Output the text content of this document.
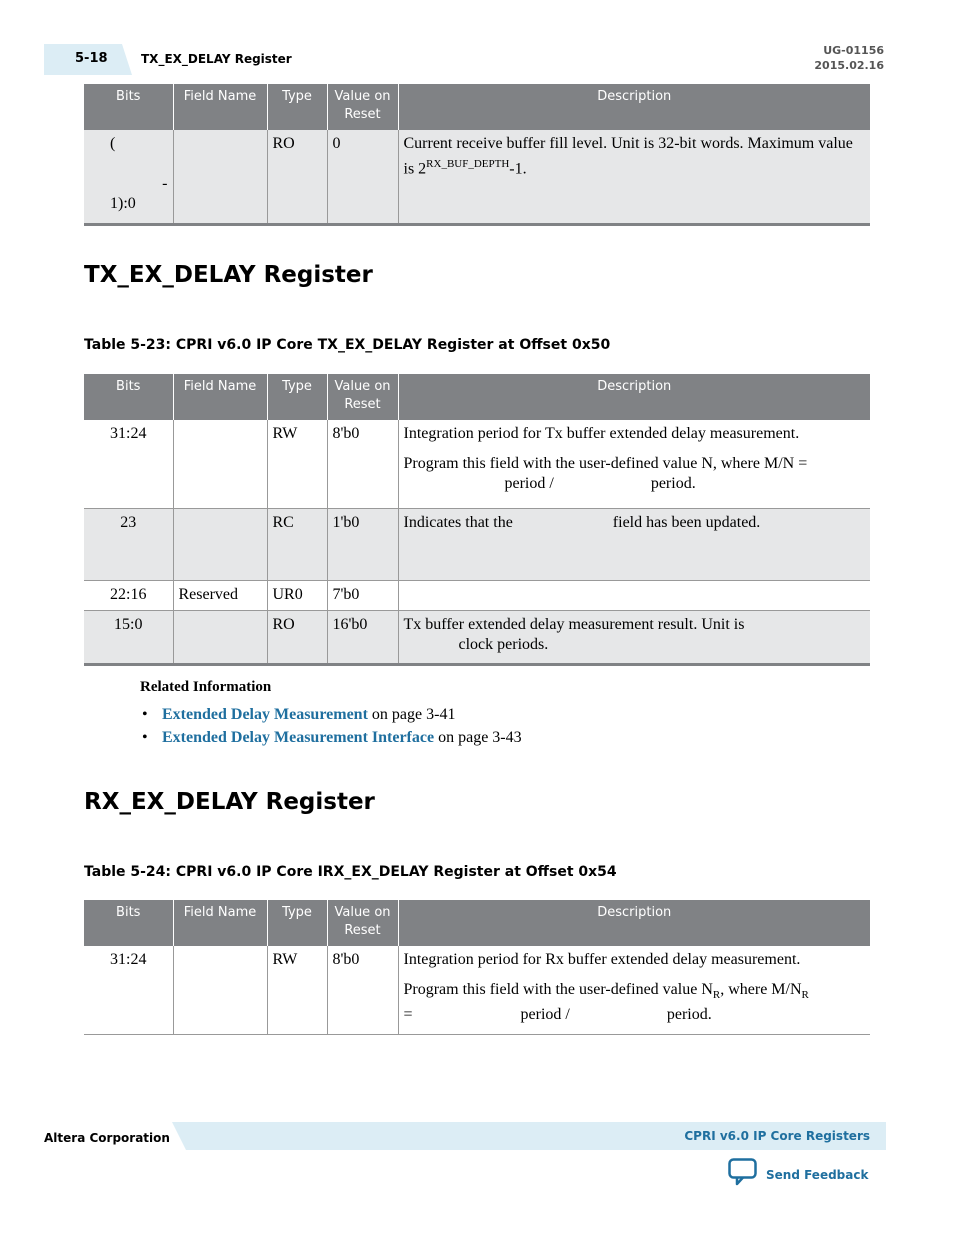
5-18	TX_EX_DELAY Register
UG-01156
2015.02.16
Bits	Field Name	Type	Value on Reset	Description

(
-
1):0		RO	0	Current receive buffer fill level. Unit is 32-bit words. Maximum value is $2^{RX\_BUF\_DEPTH}-1$.
TX_EX_DELAY Register
Table 5-23: CPRI v6.0 IP Core TX_EX_DELAY Register at Offset 0x50
Bits	Field Name	Type	Value on Reset	Description
31:24		RW	8'b0	Integration period for Tx buffer extended delay measurement.

Program this field with the user-defined value N, where M/N =
period / period.

23		RC	1'b0	Indicates that the field has been updated.
22:16	Reserved	UR0	7'b0	
15:0		RO	16'b0	Tx buffer extended delay measurement result. Unit is
clock periods.
Related Information
• Extended Delay Measurement on page 3-41
• Extended Delay Measurement Interface on page 3-43
RX_EX_DELAY Register
Table 5-24: CPRI v6.0 IP Core IRX_EX_DELAY Register at Offset 0x54
Bits	Field Name	Type	Value on Reset	Description
31:24		RW	8'b0	Integration period for Rx buffer extended delay measurement.

Program this field with the user-defined value $N_R$, where $M/N_R$
= period / period.

Altera Corporation	CPRI v6.0 IP Core Registers
Send Feedback
